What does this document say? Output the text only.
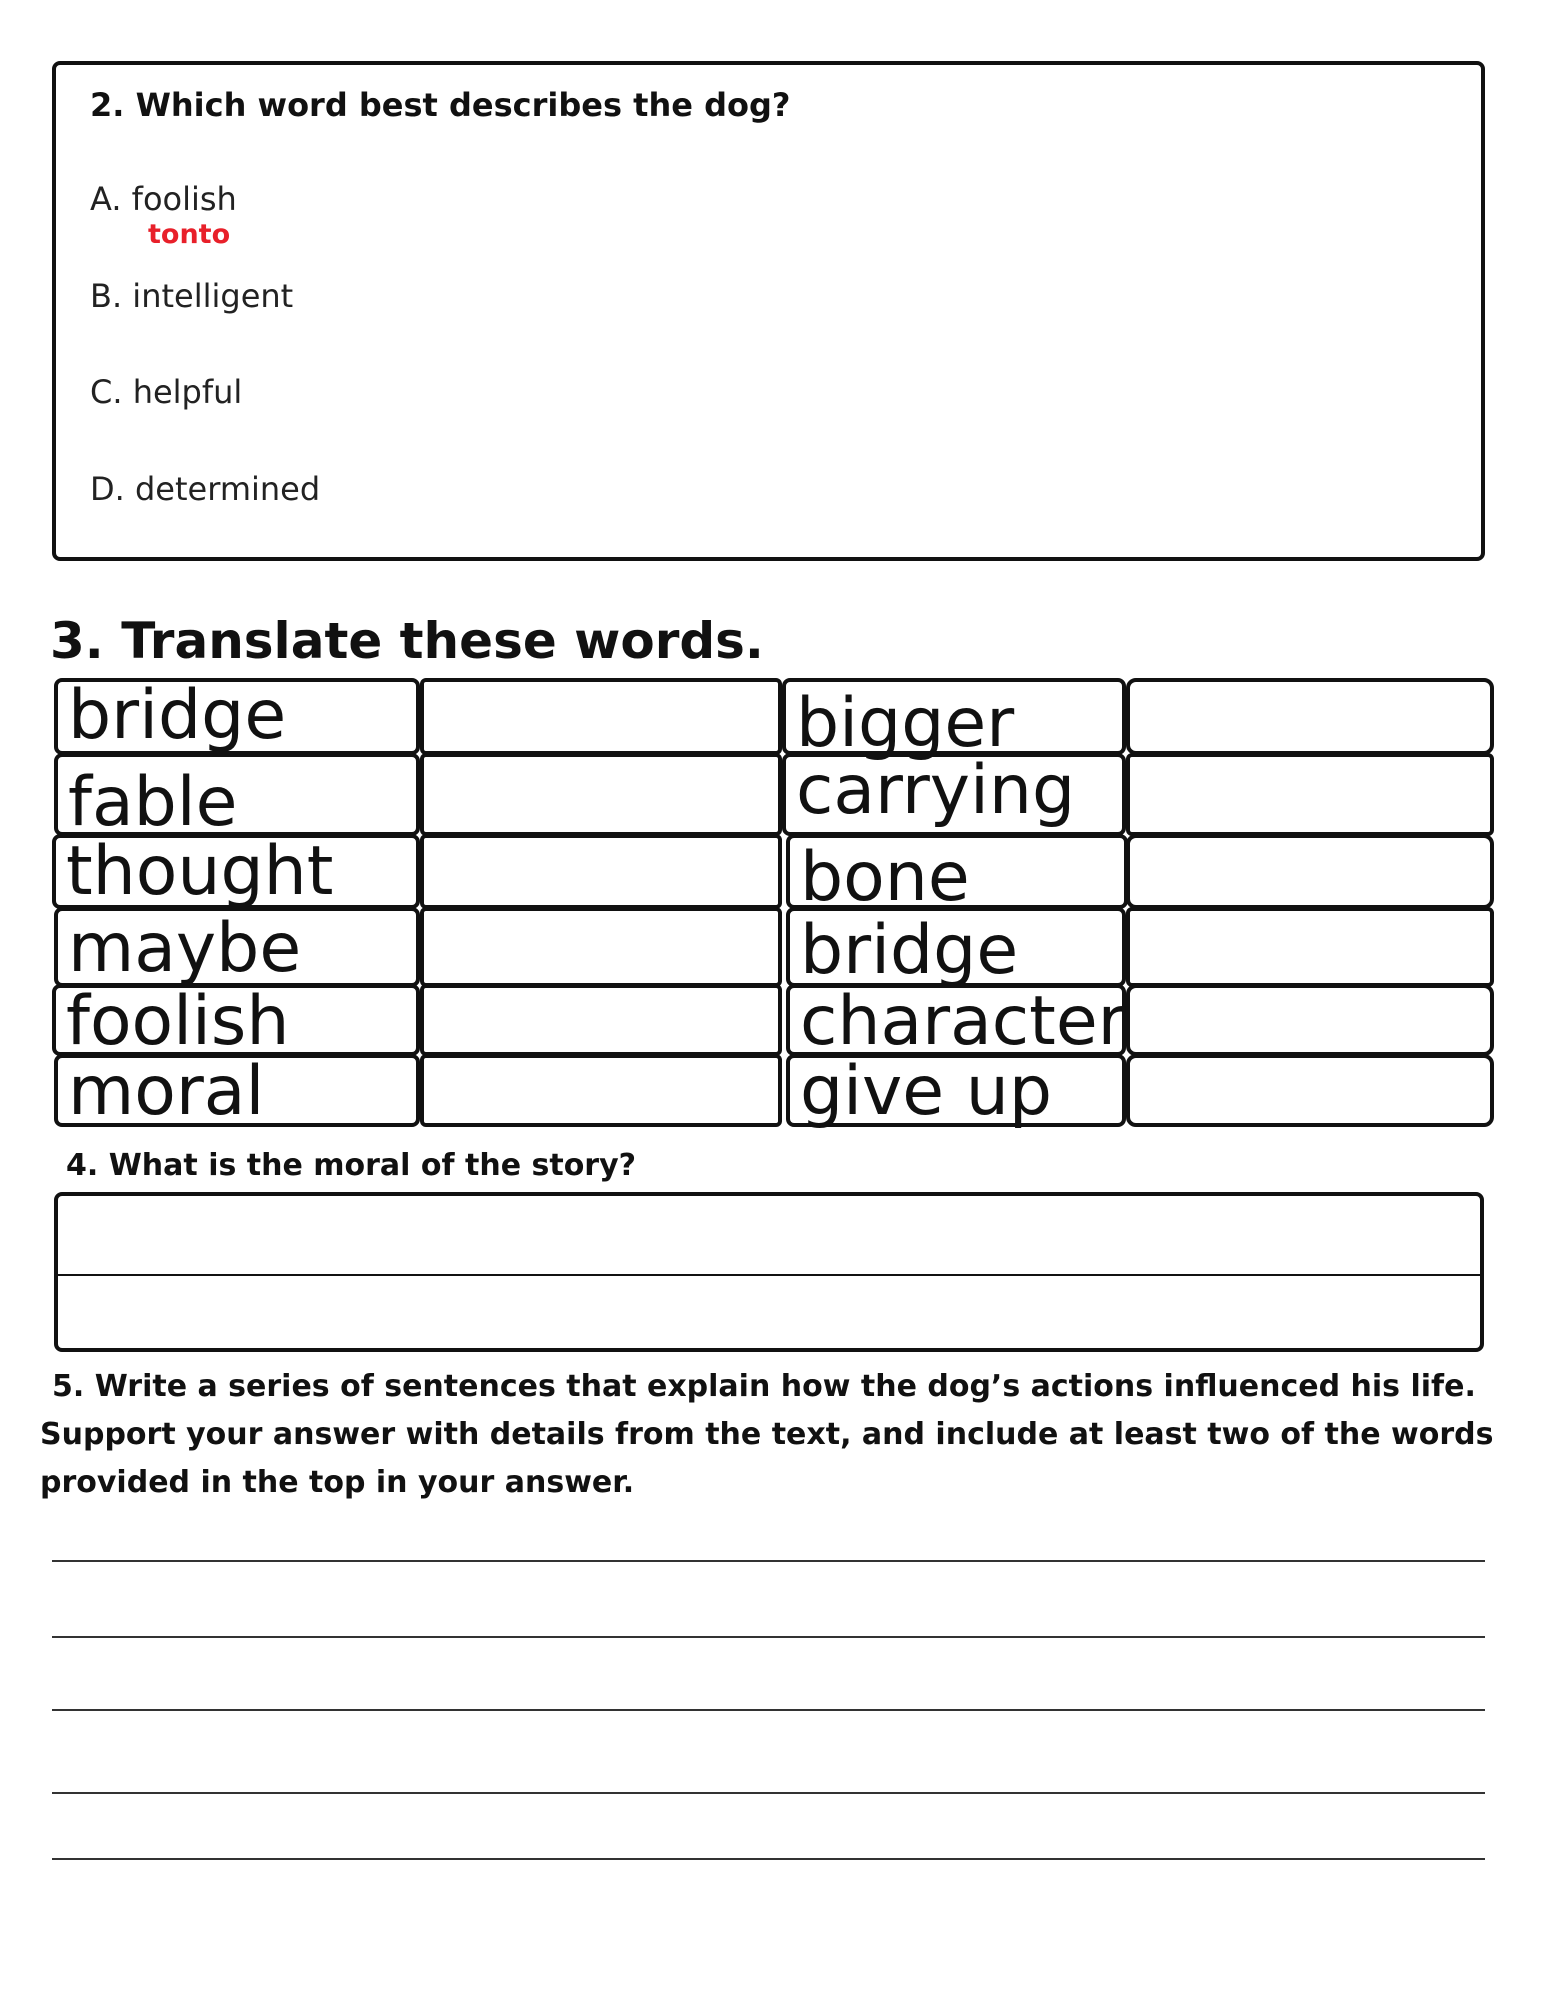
2. Which word best describes the dog?
A. foolish
tonto
B. intelligent
C. helpful
D. determined
3. Translate these words.
bridge
fable
thought
maybe
foolish
moral
bigger
carrying
bone
bridge
character
give up
4. What is the moral of the story?
5. Write a series of sentences that explain how the dog’s actions influenced his life.
Support your answer with details from the text, and include at least two of the words
provided in the top in your answer.
